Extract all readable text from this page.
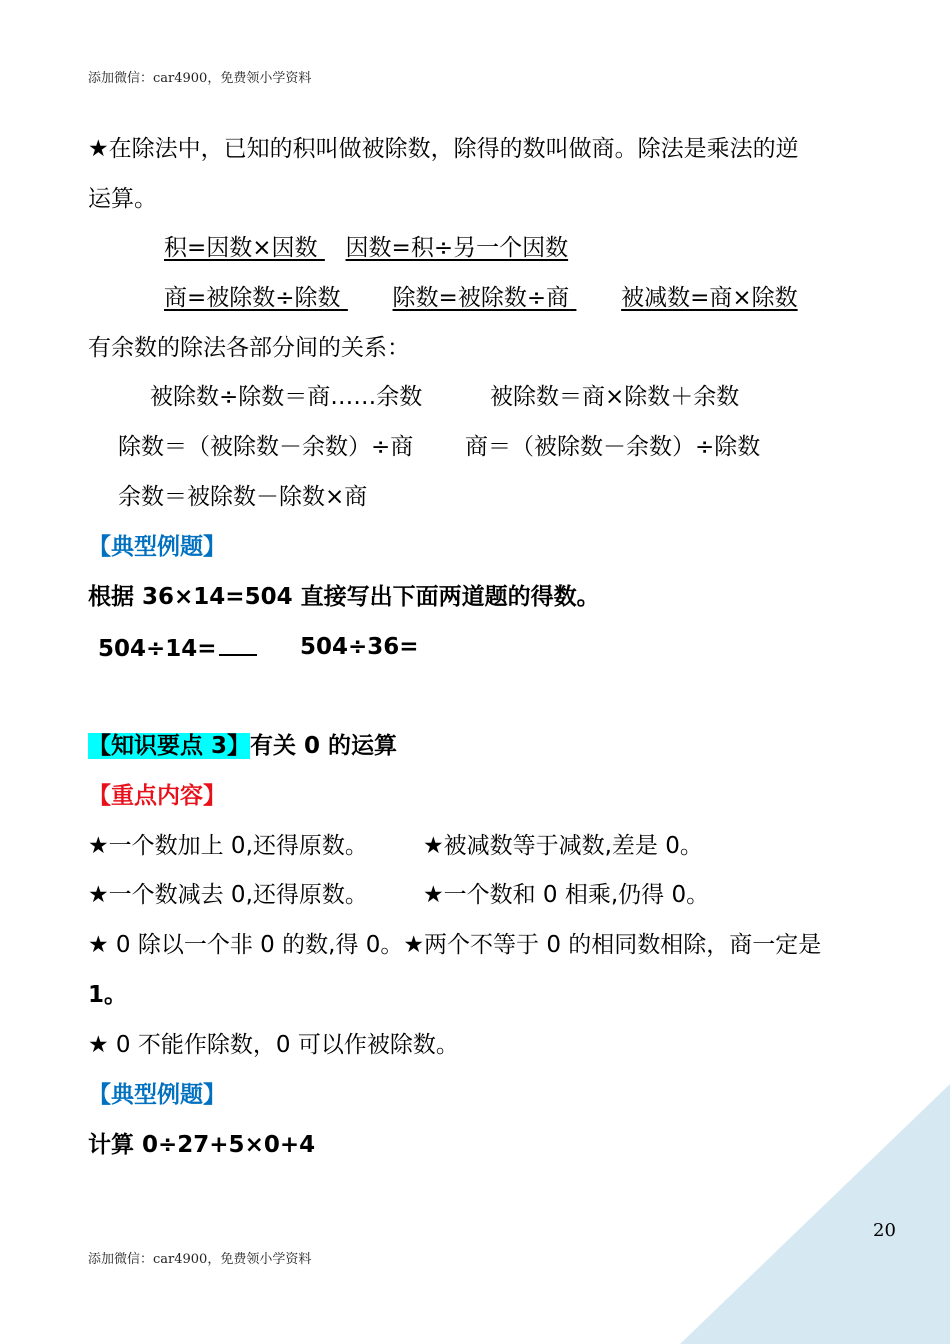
添加微信：car4900，免费领小学资料
★在除法中，已知的积叫做被除数，除得的数叫做商。除法是乘法的逆
运算。
积=因数×因数 因数=积÷另一个因数
商=被除数÷除数 除数=被除数÷商 被减数=商×除数
有余数的除法各部分间的关系：
被除数÷除数＝商……余数	被除数＝商×除数＋余数
除数＝（被除数－余数）÷商 商＝（被除数－余数）÷除数
余数＝被除数－除数×商
【典型例题】
根据 36×14=504 直接写出下面两道题的得数。
504÷14=	504÷36=
【知识要点 3】有关 0 的运算
【重点内容】
★一个数加上 0,还得原数。 ★被减数等于减数,差是 0。
★一个数减去 0,还得原数。 ★一个数和 0 相乘,仍得 0。
★ 0 除以一个非 0 的数,得 0。★两个不等于 0 的相同数相除，商一定是
1。
★ 0 不能作除数，0 可以作被除数。
【典型例题】
计算 0÷27+5×0+4
20
添加微信：car4900，免费领小学资料
